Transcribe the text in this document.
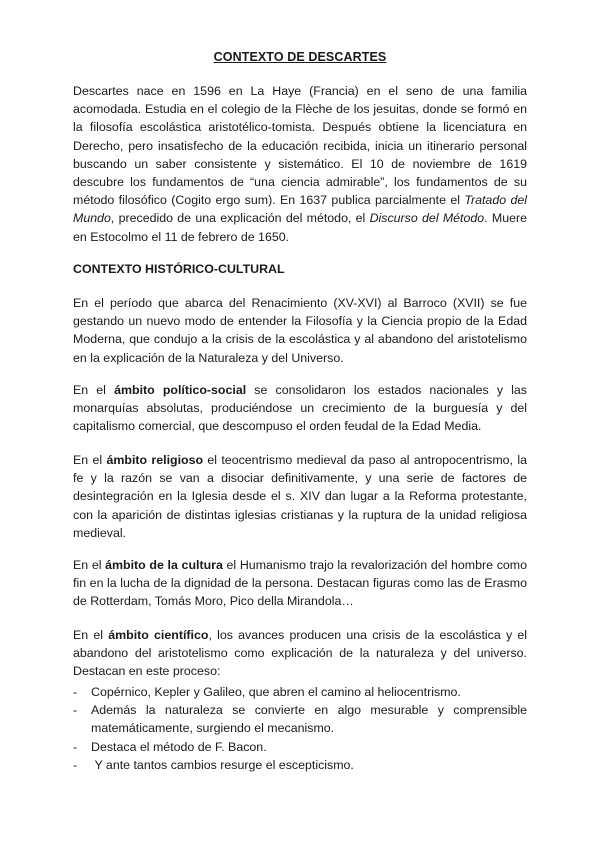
CONTEXTO DE DESCARTES

Descartes nace en 1596 en La Haye (Francia) en el seno de una familia acomodada. Estudia en el colegio de la Flèche de los jesuitas, donde se formó en la filosofía escolástica aristotélico-tomista. Después obtiene la licenciatura en Derecho, pero insatisfecho de la educación recibida, inicia un itinerario personal buscando un saber consistente y sistemático. El 10 de noviembre de 1619 descubre los fundamentos de “una ciencia admirable”, los fundamentos de su método filosófico (Cogito ergo sum). En 1637 publica parcialmente el Tratado del Mundo, precedido de una explicación del método, el Discurso del Método. Muere en Estocolmo el 11 de febrero de 1650.

CONTEXTO HISTÓRICO-CULTURAL

En el período que abarca del Renacimiento (XV-XVI) al Barroco (XVII) se fue gestando un nuevo modo de entender la Filosofía y la Ciencia propio de la Edad Moderna, que condujo a la crisis de la escolástica y al abandono del aristotelismo en la explicación de la Naturaleza y del Universo.

En el ámbito político-social se consolidaron los estados nacionales y las monarquías absolutas, produciéndose un crecimiento de la burguesía y del capitalismo comercial, que descompuso el orden feudal de la Edad Media.

En el ámbito religioso el teocentrismo medieval da paso al antropocentrismo, la fe y la razón se van a disociar definitivamente, y una serie de factores de desintegración en la Iglesia desde el s. XIV dan lugar a la Reforma protestante, con la aparición de distintas iglesias cristianas y la ruptura de la unidad religiosa medieval.

En el ámbito de la cultura el Humanismo trajo la revalorización del hombre como fin en la lucha de la dignidad de la persona. Destacan figuras como las de Erasmo de Rotterdam, Tomás Moro, Pico della Mirandola…

En el ámbito científico, los avances producen una crisis de la escolástica y el abandono del aristotelismo como explicación de la naturaleza y del universo. Destacan en este proceso:

- Copérnico, Kepler y Galileo, que abren el camino al heliocentrismo.
- Además la naturaleza se convierte en algo mesurable y comprensible matemáticamente, surgiendo el mecanismo.
- Destaca el método de F. Bacon.
- Y ante tantos cambios resurge el escepticismo.
